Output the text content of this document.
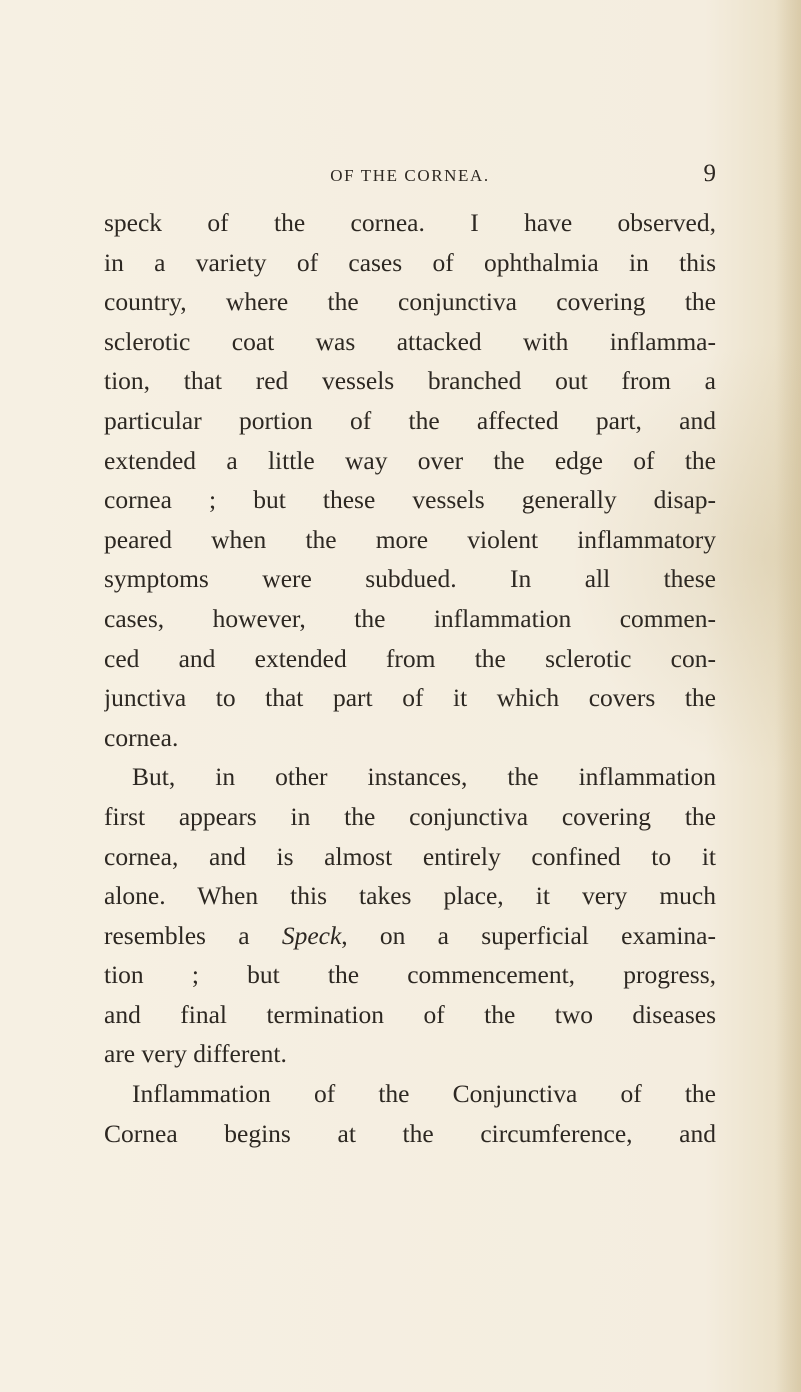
OF THE CORNEA.	9
speck of the cornea. I have observed,
in a variety of cases of ophthalmia in this
country, where the conjunctiva covering the
sclerotic coat was attacked with inflamma-
tion, that red vessels branched out from a
particular portion of the affected part, and
extended a little way over the edge of the
cornea ; but these vessels generally disap-
peared when the more violent inflammatory
symptoms were subdued. In all these
cases, however, the inflammation commen-
ced and extended from the sclerotic con-
junctiva to that part of it which covers the
cornea.
But, in other instances, the inflammation
first appears in the conjunctiva covering the
cornea, and is almost entirely confined to it
alone. When this takes place, it very much
resembles a Speck, on a superficial examina-
tion ; but the commencement, progress,
and final termination of the two diseases
are very different.
Inflammation of the Conjunctiva of the
Cornea begins at the circumference, and
